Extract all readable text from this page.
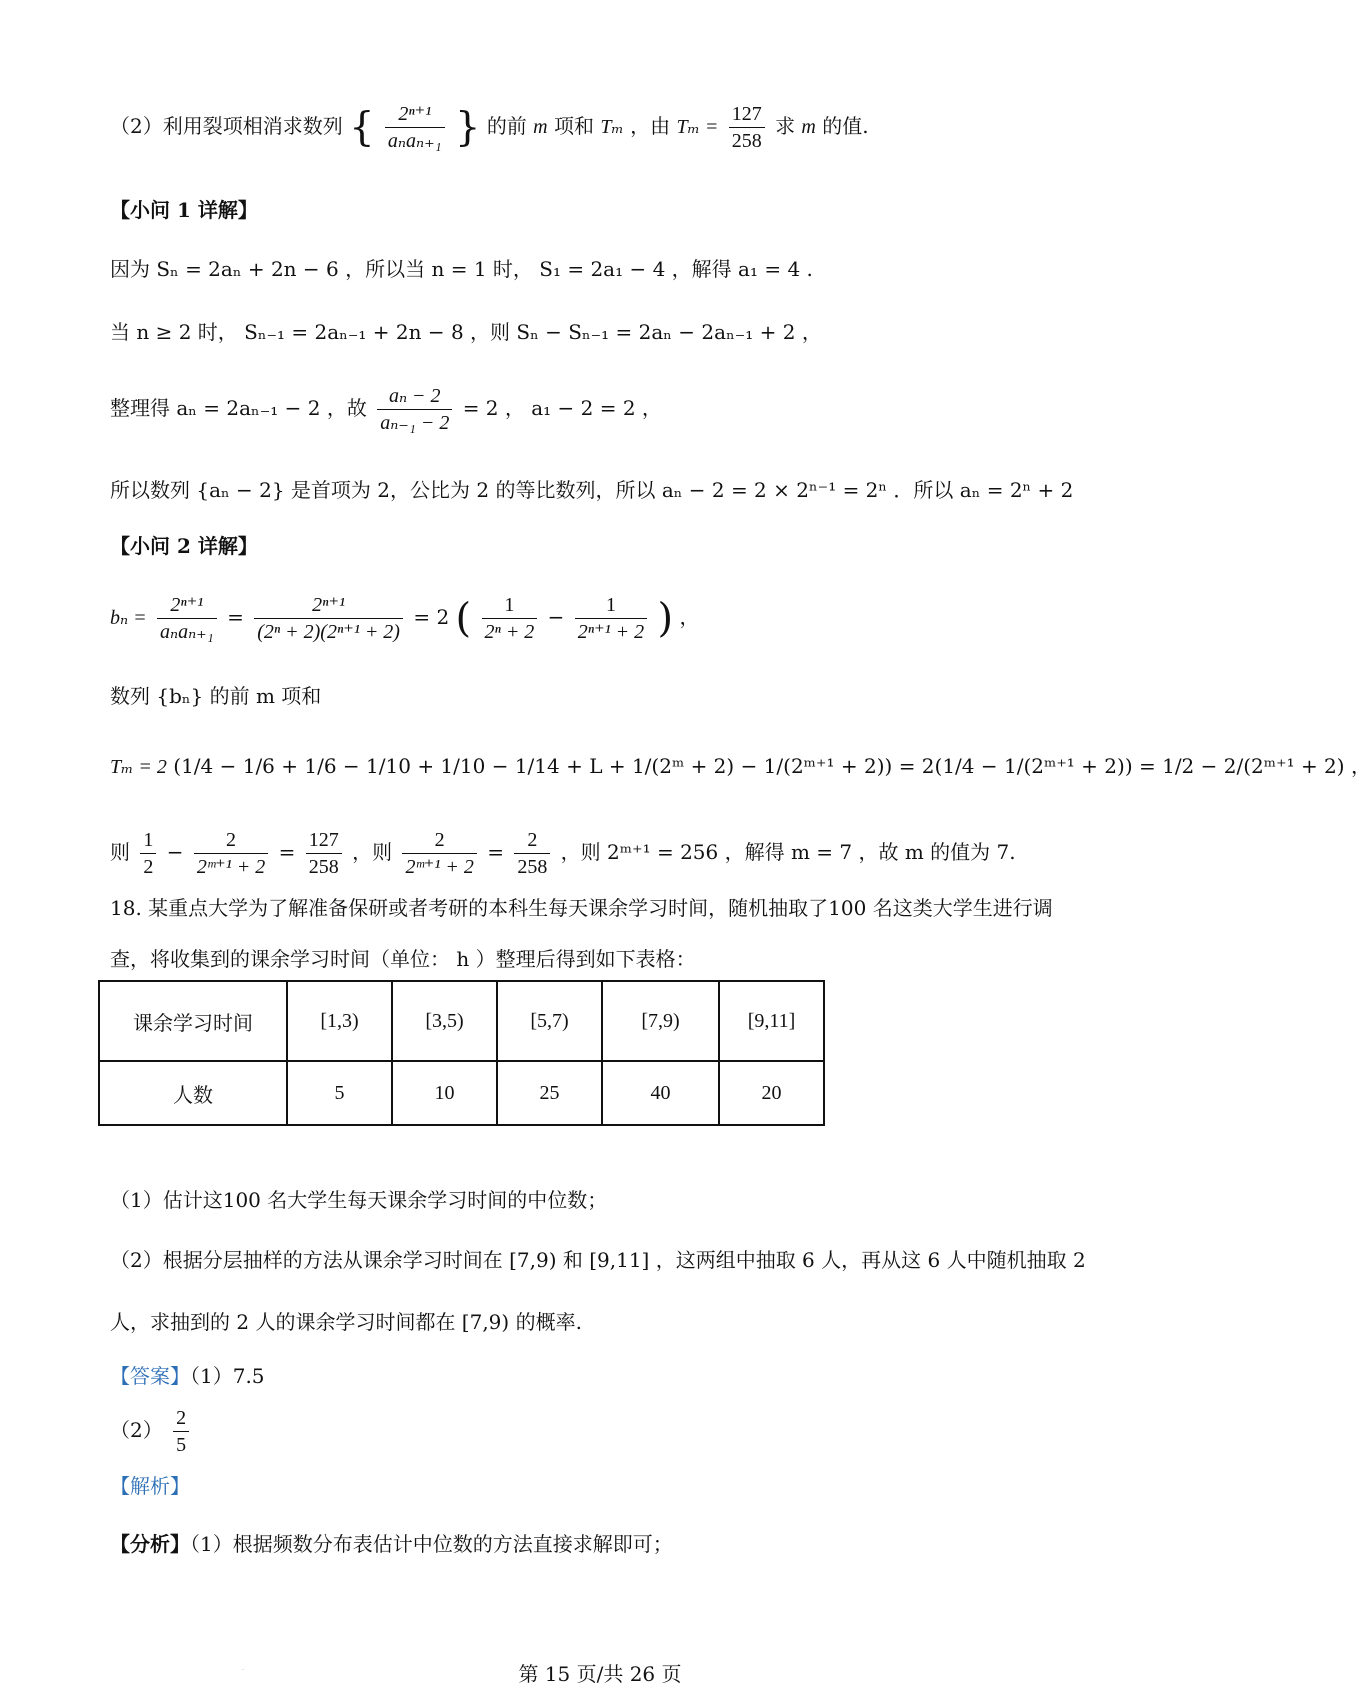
（2）利用裂项相消求数列 { $\frac{\text{2ⁿ⁺¹}}{\text{aₙaₙ₊₁}}$ } 的前 m 项和 Tₘ ，由 $T_m = \frac{127}{258}$ 求 m 的值.
【小问 1 详解】
因为 Sₙ = 2aₙ + 2n − 6 ，所以当 n = 1 时， S₁ = 2a₁ − 4 ，解得 a₁ = 4 .
当 n ≥ 2 时， Sₙ₋₁ = 2aₙ₋₁ + 2n − 8 ，则 Sₙ − Sₙ₋₁ = 2aₙ − 2aₙ₋₁ + 2 ，
整理得 aₙ = 2aₙ₋₁ − 2 ，故 $\frac{\text{aₙ − 2}}{\text{aₙ₋₁ − 2}} = 2$ ， a₁ − 2 = 2 ，
所以数列 {aₙ − 2} 是首项为 2，公比为 2 的等比数列，所以 aₙ − 2 = 2 × 2ⁿ⁻¹ = 2ⁿ ．所以 aₙ = 2ⁿ + 2
【小问 2 详解】
$b_n = \frac{\text{2ⁿ⁺¹}}{\text{aₙaₙ₊₁}} = \frac{\text{2ⁿ⁺¹}}{\text{(2ⁿ + 2)(2ⁿ⁺¹ + 2)}} = 2$ ( $\frac{1}{\text{2ⁿ + 2}} - \frac{1}{\text{2ⁿ⁺¹ + 2}}$ ) ，
数列 {bₙ} 的前 m 项和
Tₘ = 2 (1/4 − 1/6 + 1/6 − 1/10 + 1/10 − 1/14 + L + 1/(2ᵐ + 2) − 1/(2ᵐ⁺¹ + 2)) = 2(1/4 − 1/(2ᵐ⁺¹ + 2)) = 1/2 − 2/(2ᵐ⁺¹ + 2) ，
则 $\frac{1}{2} - \frac{2}{\text{2ᵐ⁺¹ + 2}} = \frac{127}{258}$ ，则 $\frac{2}{\text{2ᵐ⁺¹ + 2}} = \frac{2}{258}$ ，则 2ᵐ⁺¹ = 256 ，解得 m = 7 ，故 m 的值为 7.
18. 某重点大学为了解准备保研或者考研的本科生每天课余学习时间，随机抽取了100 名这类大学生进行调
查，将收集到的课余学习时间（单位： h ）整理后得到如下表格：
课余学习时间	[1,3)	[3,5)	[5,7)	[7,9)	[9,11]
人数	5	10	25	40	20
（1）估计这100 名大学生每天课余学习时间的中位数；
（2）根据分层抽样的方法从课余学习时间在 [7,9) 和 [9,11] ，这两组中抽取 6 人，再从这 6 人中随机抽取 2
人，求抽到的 2 人的课余学习时间都在 [7,9) 的概率.
【答案】（1）7.5
$(2) \frac{2}{5}$
【解析】
【分析】（1）根据频数分布表估计中位数的方法直接求解即可；
.	第 15 页/共 26 页
